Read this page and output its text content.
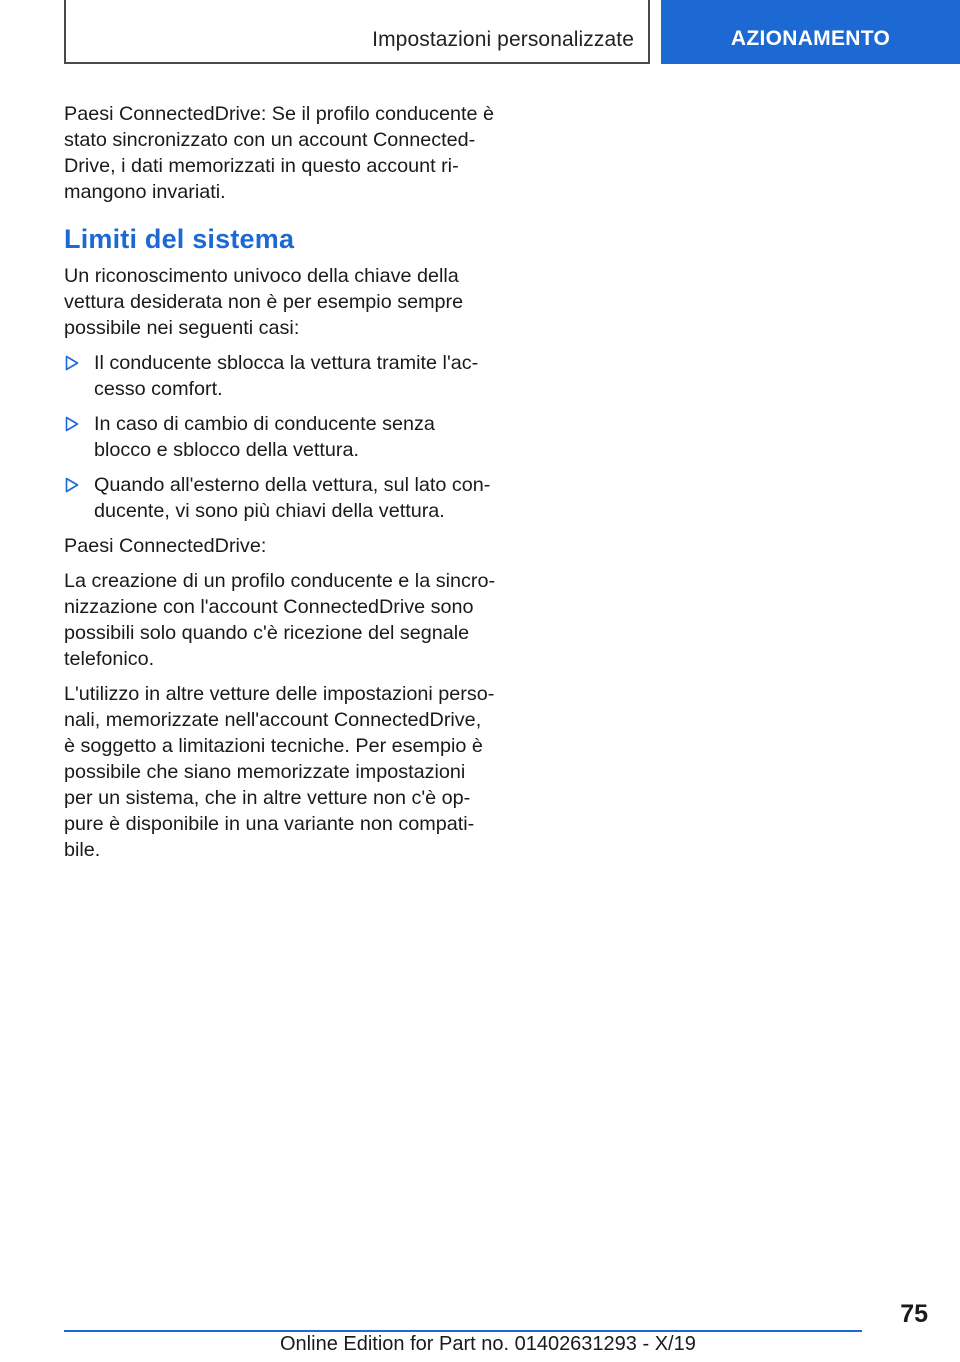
Impostazioni personalizzate	AZIONAMENTO

Paesi ConnectedDrive: Se il profilo conducente è
stato sincronizzato con un account Connected-
Drive, i dati memorizzati in questo account ri-
mangono invariati.

Limiti del sistema

Un riconoscimento univoco della chiave della
vettura desiderata non è per esempio sempre
possibile nei seguenti casi:

Il conducente sblocca la vettura tramite l'ac-
cesso comfort.
In caso di cambio di conducente senza
blocco e sblocco della vettura.
Quando all'esterno della vettura, sul lato con-
ducente, vi sono più chiavi della vettura.

Paesi ConnectedDrive:

La creazione di un profilo conducente e la sincro-
nizzazione con l'account ConnectedDrive sono
possibili solo quando c'è ricezione del segnale
telefonico.

L'utilizzo in altre vetture delle impostazioni perso-
nali, memorizzate nell'account ConnectedDrive,
è soggetto a limitazioni tecniche. Per esempio è
possibile che siano memorizzate impostazioni
per un sistema, che in altre vetture non c'è op-
pure è disponibile in una variante non compati-
bile.

75
Online Edition for Part no. 01402631293 - X/19
